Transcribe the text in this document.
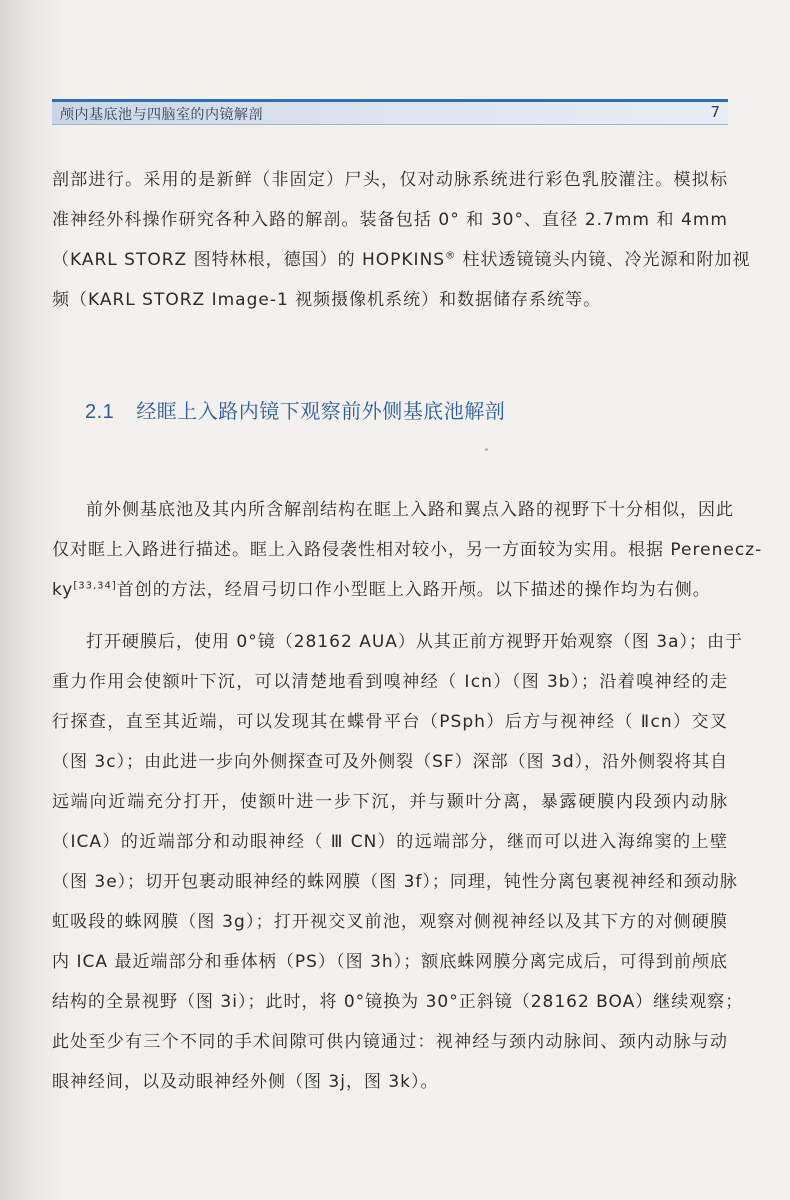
颅内基底池与四脑室的内镜解剖	7
剖部进行。采用的是新鲜（非固定）尸头，仅对动脉系统进行彩色乳胶灌注。模拟标
准神经外科操作研究各种入路的解剖。装备包括 0° 和 30°、直径 2.7mm 和 4mm
（KARL STORZ 图特林根，德国）的 HOPKINS® 柱状透镜镜头内镜、冷光源和附加视
频（KARL STORZ Image-1 视频摄像机系统）和数据储存系统等。
2.1 经眶上入路内镜下观察前外侧基底池解剖
前外侧基底池及其内所含解剖结构在眶上入路和翼点入路的视野下十分相似，因此
仅对眶上入路进行描述。眶上入路侵袭性相对较小，另一方面较为实用。根据 Perenecz-
ky[33,34]首创的方法，经眉弓切口作小型眶上入路开颅。以下描述的操作均为右侧。
打开硬膜后，使用 0°镜（28162 AUA）从其正前方视野开始观察（图 3a）；由于
重力作用会使额叶下沉，可以清楚地看到嗅神经（ Ⅰcn）（图 3b）；沿着嗅神经的走
行探查，直至其近端，可以发现其在蝶骨平台（PSph）后方与视神经（ Ⅱcn）交叉
（图 3c）；由此进一步向外侧探查可及外侧裂（SF）深部（图 3d），沿外侧裂将其自
远端向近端充分打开，使额叶进一步下沉，并与颞叶分离，暴露硬膜内段颈内动脉
（ICA）的近端部分和动眼神经（ Ⅲ CN）的远端部分，继而可以进入海绵窦的上壁
（图 3e）；切开包裹动眼神经的蛛网膜（图 3f）；同理，钝性分离包裹视神经和颈动脉
虹吸段的蛛网膜（图 3g）；打开视交叉前池，观察对侧视神经以及其下方的对侧硬膜
内 ICA 最近端部分和垂体柄（PS）（图 3h）；额底蛛网膜分离完成后，可得到前颅底
结构的全景视野（图 3i）；此时，将 0°镜换为 30°正斜镜（28162 BOA）继续观察；
此处至少有三个不同的手术间隙可供内镜通过：视神经与颈内动脉间、颈内动脉与动
眼神经间，以及动眼神经外侧（图 3j，图 3k）。
